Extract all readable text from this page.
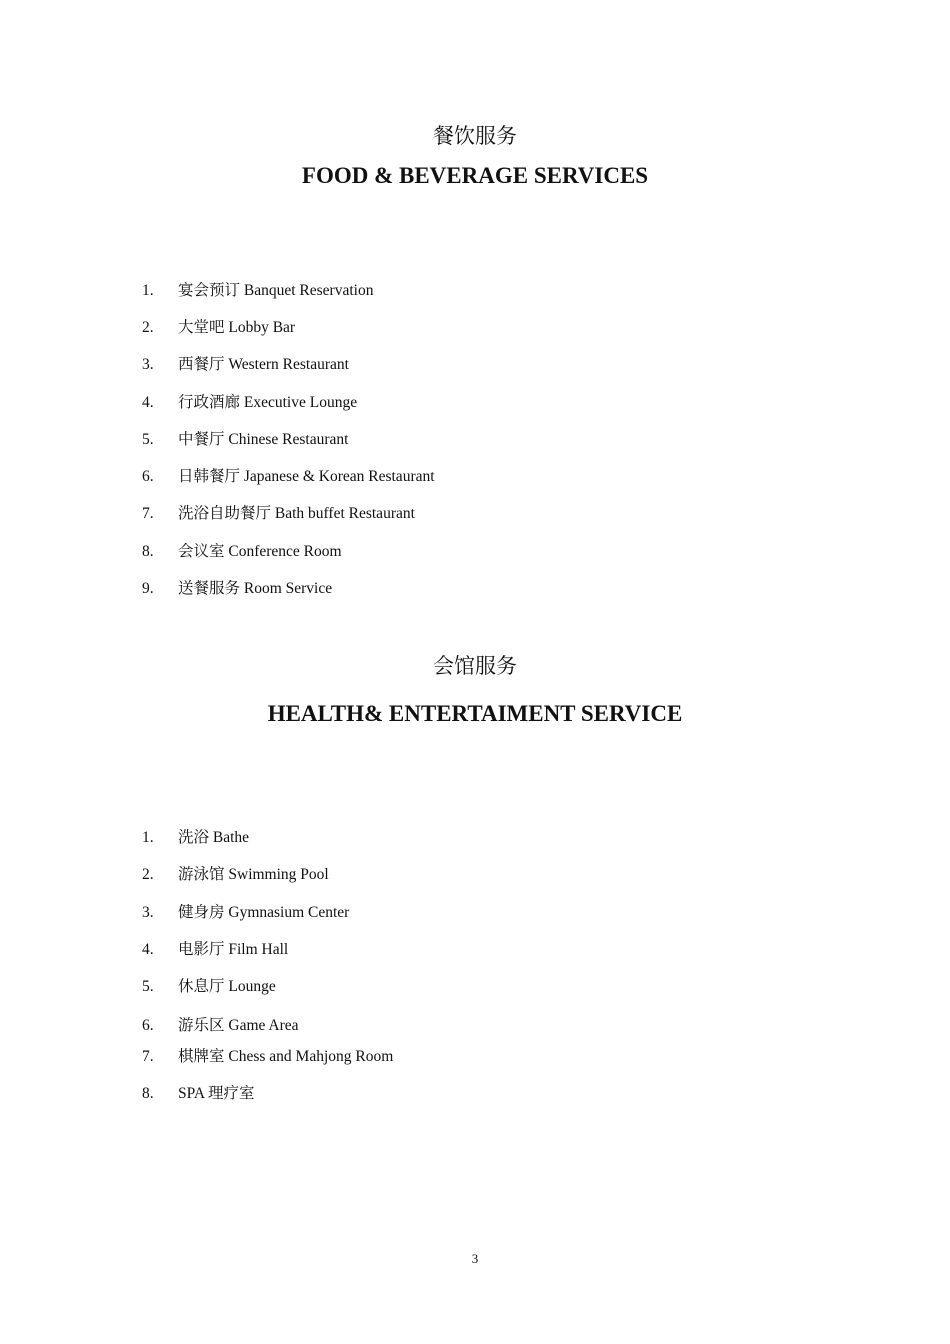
餐饮服务
FOOD & BEVERAGE SERVICES
1. 宴会预订 Banquet Reservation
2. 大堂吧 Lobby Bar
3. 西餐厅 Western Restaurant
4. 行政酒廊 Executive Lounge
5. 中餐厅 Chinese Restaurant
6. 日韩餐厅 Japanese & Korean Restaurant
7. 洗浴自助餐厅 Bath buffet Restaurant
8. 会议室 Conference Room
9. 送餐服务 Room Service
会馆服务
HEALTH& ENTERTAIMENT SERVICE
1. 洗浴 Bathe
2. 游泳馆 Swimming Pool
3. 健身房 Gymnasium Center
4. 电影厅 Film Hall
5. 休息厅 Lounge
6. 游乐区 Game Area
7. 棋牌室 Chess and Mahjong Room
8. SPA 理疗室
3
